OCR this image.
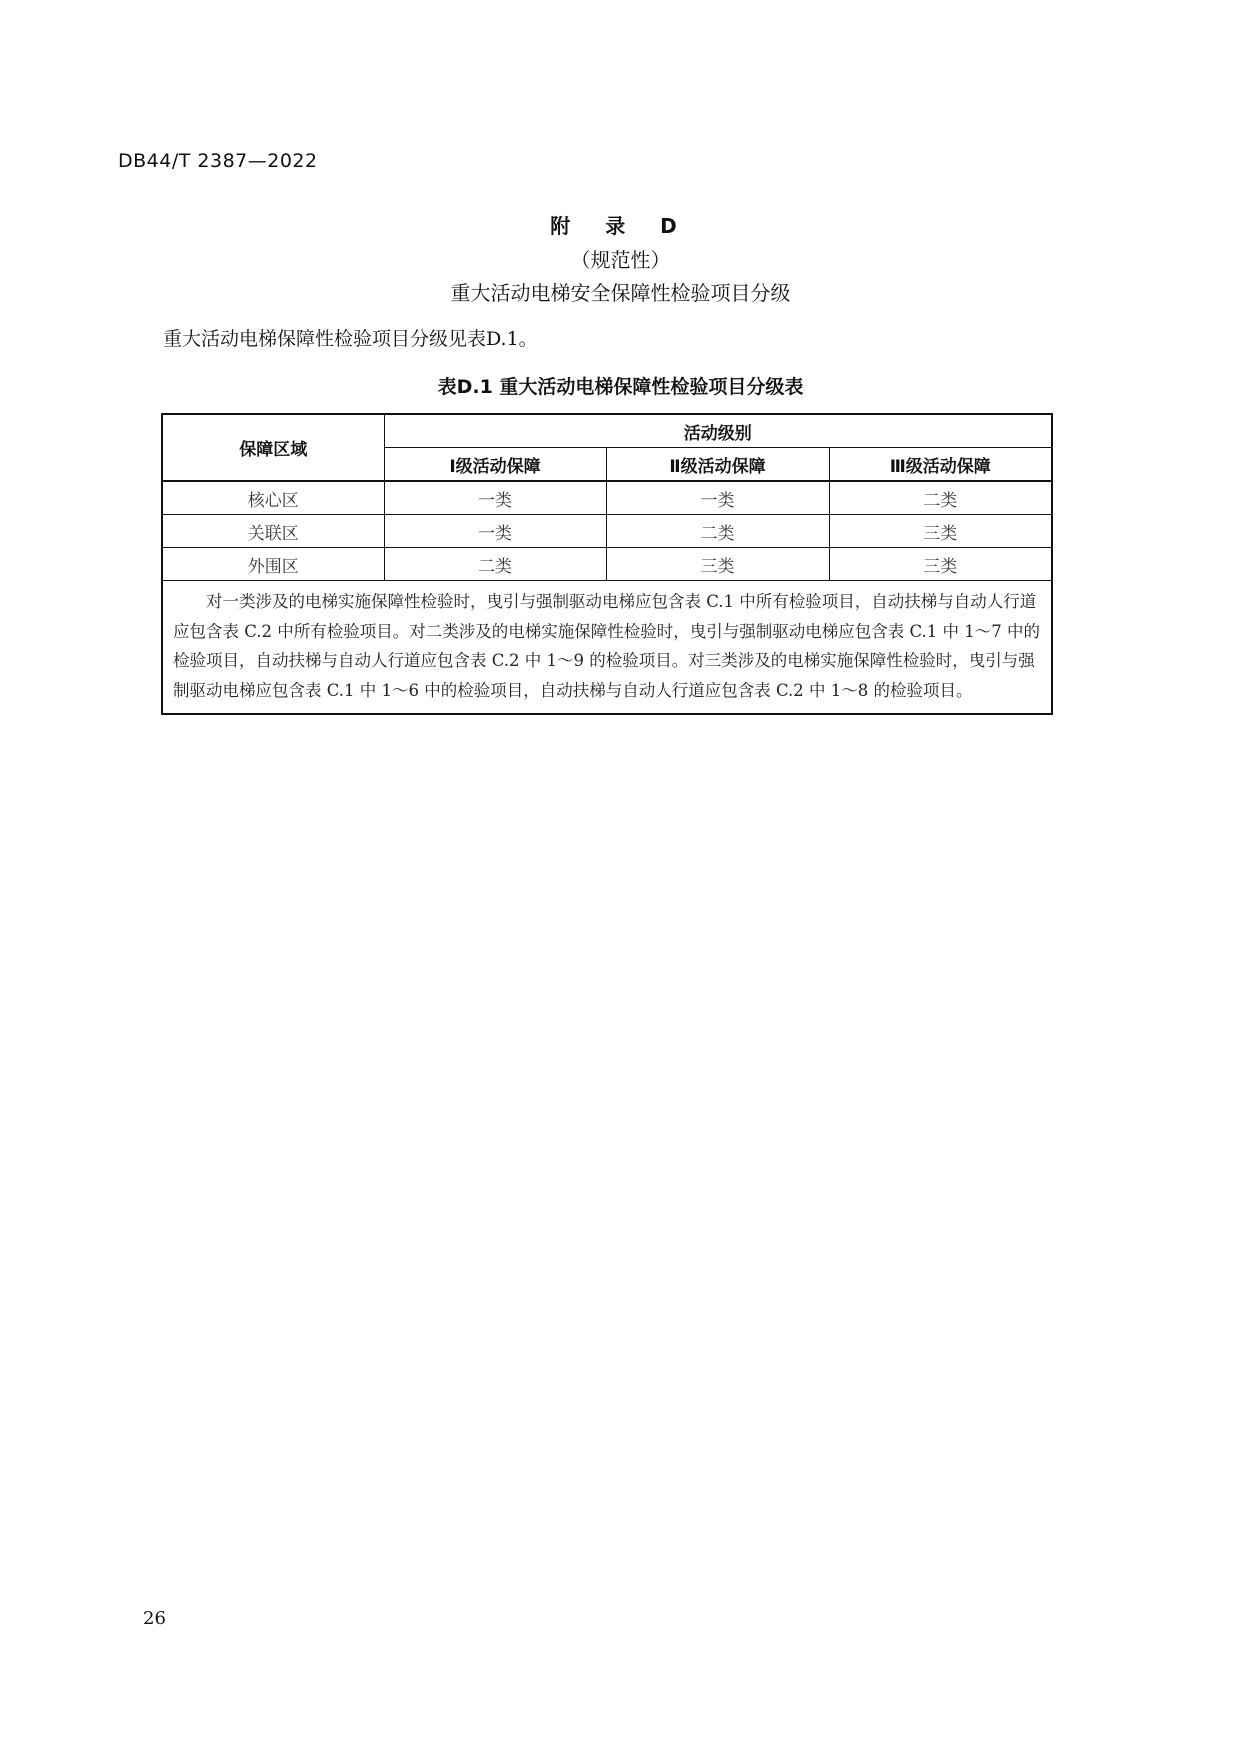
DB44/T 2387—2022
附 录 D
（规范性）
重大活动电梯安全保障性检验项目分级
重大活动电梯保障性检验项目分级见表D.1。
表D.1 重大活动电梯保障性检验项目分级表
保障区域	活动级别		
	Ⅰ级活动保障	Ⅱ级活动保障	Ⅲ级活动保障
核心区	一类	一类	二类
关联区	一类	二类	三类
外围区	二类	三类	三类
对一类涉及的电梯实施保障性检验时，曳引与强制驱动电梯应包含表 C.1 中所有检验项目，自动扶梯与自动人行道应包含表 C.2 中所有检验项目。对二类涉及的电梯实施保障性检验时，曳引与强制驱动电梯应包含表 C.1 中 1～7 中的检验项目，自动扶梯与自动人行道应包含表 C.2 中 1～9 的检验项目。对三类涉及的电梯实施保障性检验时，曳引与强制驱动电梯应包含表 C.1 中 1～6 中的检验项目，自动扶梯与自动人行道应包含表 C.2 中 1～8 的检验项目。			
26
